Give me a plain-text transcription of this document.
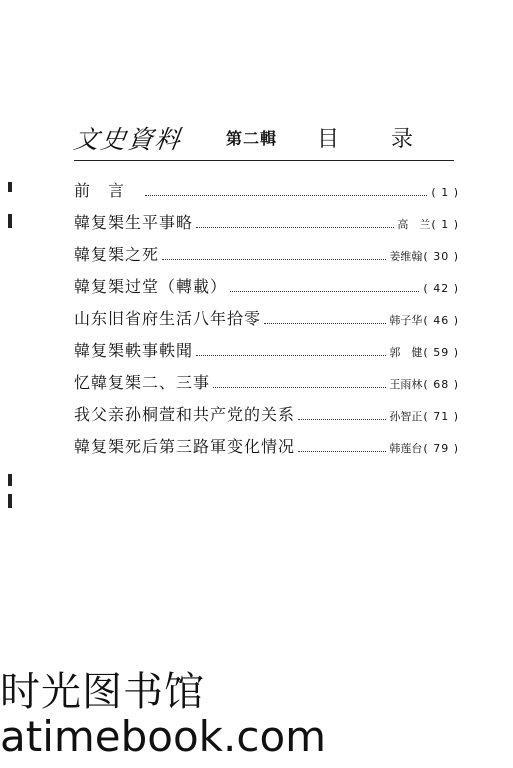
文史資料	第二輯 目录
前言	( 1 )
韓复榘生平事略	高　兰 ( 1 )
韓复榘之死	姜维翰 ( 30 )
韓复榘过堂（轉載）	( 42 )
山东旧省府生活八年拾零	韩子华 ( 46 )
韓复榘軼事軼聞	郭　健 ( 59 )
忆韓复榘二、三事	王雨林 ( 68 )
我父亲孙桐萱和共产党的关系	孙智正 ( 71 )
韓复榘死后第三路軍变化情况	韩莲台 ( 79 )
时光图书馆
atimebook.com
